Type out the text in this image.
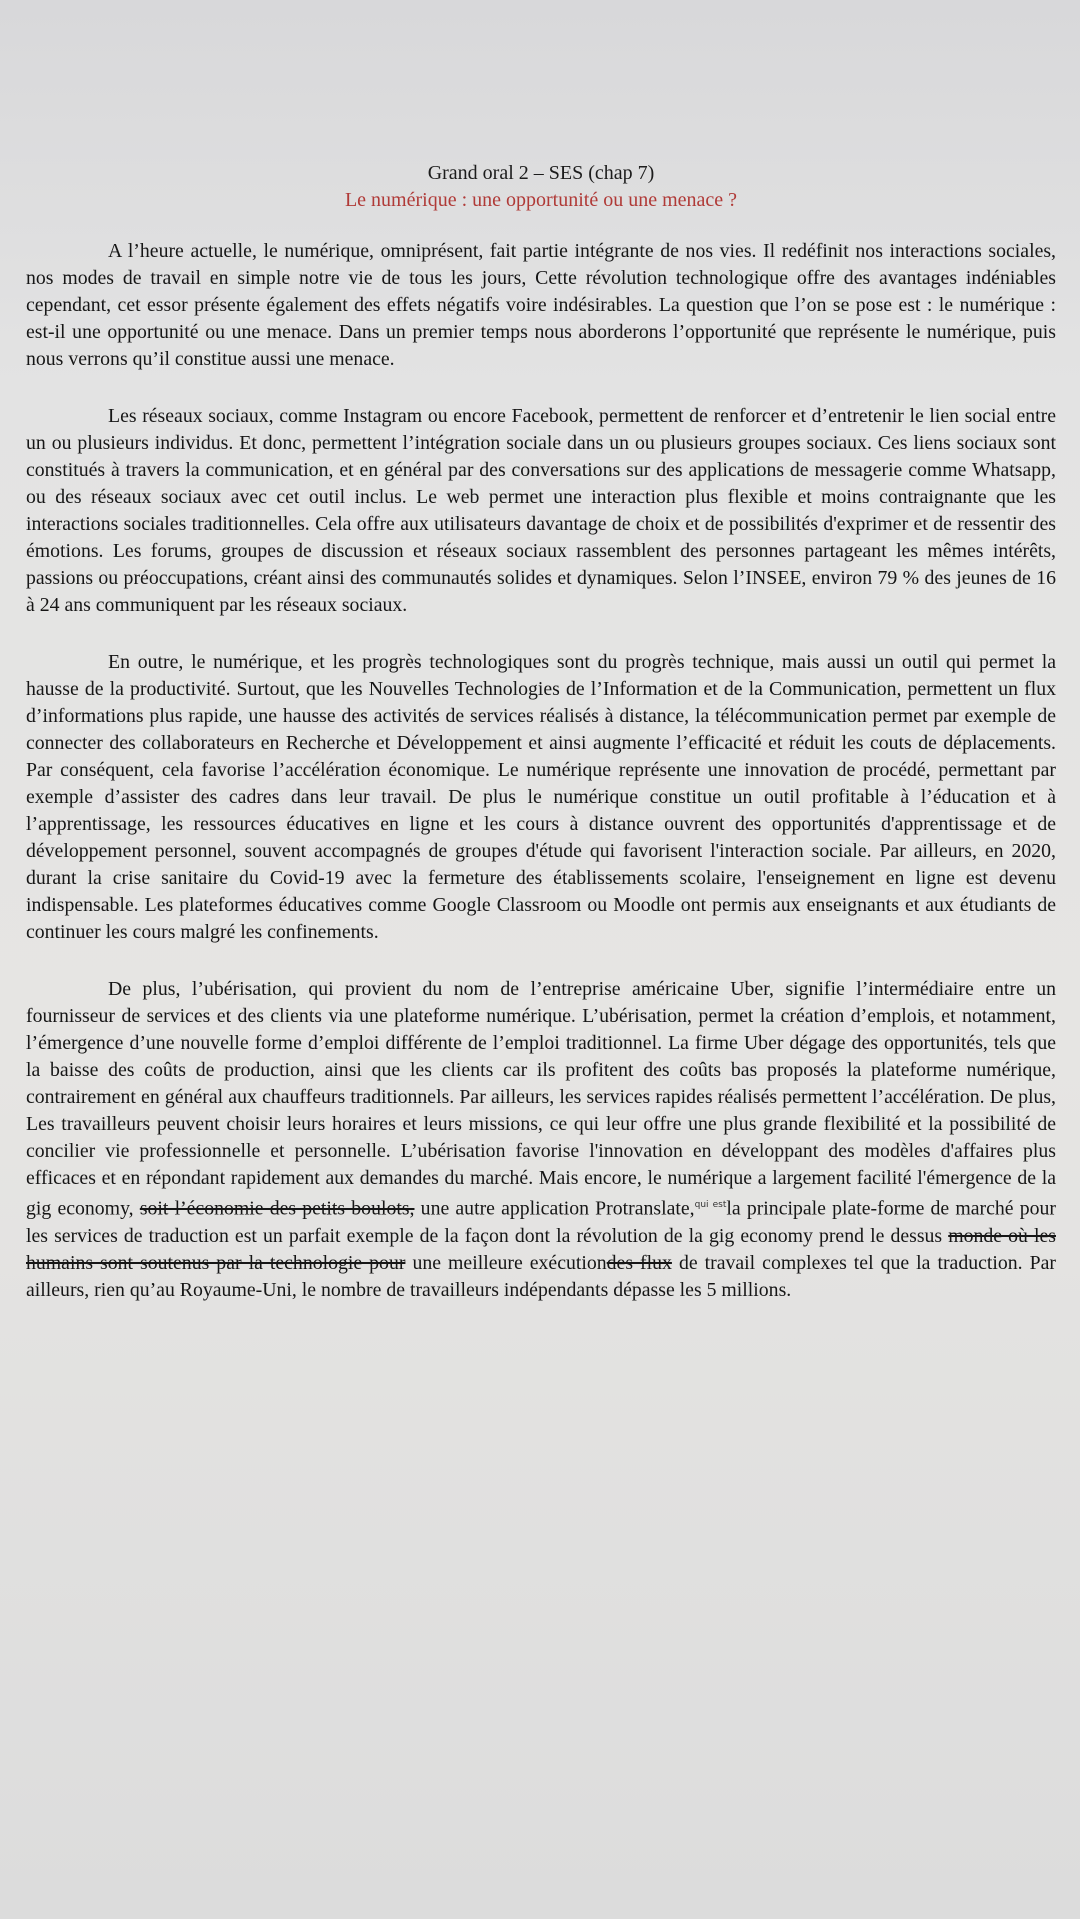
Grand oral 2 – SES (chap 7)
Le numérique : une opportunité ou une menace ?

A l’heure actuelle, le numérique, omniprésent, fait partie intégrante de nos vies. Il redéfinit nos interactions sociales, nos modes de travail en simple notre vie de tous les jours, Cette révolution technologique offre des avantages indéniables cependant, cet essor présente également des effets négatifs voire indésirables. La question que l’on se pose est : le numérique : est-il une opportunité ou une menace. Dans un premier temps nous aborderons l’opportunité que représente le numérique, puis nous verrons qu’il constitue aussi une menace.

Les réseaux sociaux, comme Instagram ou encore Facebook, permettent de renforcer et d’entretenir le lien social entre un ou plusieurs individus. Et donc, permettent l’intégration sociale dans un ou plusieurs groupes sociaux. Ces liens sociaux sont constitués à travers la communication, et en général par des conversations sur des applications de messagerie comme Whatsapp, ou des réseaux sociaux avec cet outil inclus. Le web permet une interaction plus flexible et moins contraignante que les interactions sociales traditionnelles. Cela offre aux utilisateurs davantage de choix et de possibilités d'exprimer et de ressentir des émotions. Les forums, groupes de discussion et réseaux sociaux rassemblent des personnes partageant les mêmes intérêts, passions ou préoccupations, créant ainsi des communautés solides et dynamiques. Selon l’INSEE, environ 79 % des jeunes de 16 à 24 ans communiquent par les réseaux sociaux.

En outre, le numérique, et les progrès technologiques sont du progrès technique, mais aussi un outil qui permet la hausse de la productivité. Surtout, que les Nouvelles Technologies de l’Information et de la Communication, permettent un flux d’informations plus rapide, une hausse des activités de services réalisés à distance, la télécommunication permet par exemple de connecter des collaborateurs en Recherche et Développement et ainsi augmente l’efficacité et réduit les couts de déplacements. Par conséquent, cela favorise l’accélération économique. Le numérique représente une innovation de procédé, permettant par exemple d’assister des cadres dans leur travail. De plus le numérique constitue un outil profitable à l’éducation et à l’apprentissage, les ressources éducatives en ligne et les cours à distance ouvrent des opportunités d'apprentissage et de développement personnel, souvent accompagnés de groupes d'étude qui favorisent l'interaction sociale. Par ailleurs, en 2020, durant la crise sanitaire du Covid-19 avec la fermeture des établissements scolaire, l'enseignement en ligne est devenu indispensable. Les plateformes éducatives comme Google Classroom ou Moodle ont permis aux enseignants et aux étudiants de continuer les cours malgré les confinements.

De plus, l’ubérisation, qui provient du nom de l’entreprise américaine Uber, signifie l’intermédiaire entre un fournisseur de services et des clients via une plateforme numérique. L’ubérisation, permet la création d’emplois, et notamment, l’émergence d’une nouvelle forme d’emploi différente de l’emploi traditionnel. La firme Uber dégage des opportunités, tels que la baisse des coûts de production, ainsi que les clients car ils profitent des coûts bas proposés la plateforme numérique, contrairement en général aux chauffeurs traditionnels. Par ailleurs, les services rapides réalisés permettent l’accélération. De plus, Les travailleurs peuvent choisir leurs horaires et leurs missions, ce qui leur offre une plus grande flexibilité et la possibilité de concilier vie professionnelle et personnelle. L’ubérisation favorise l'innovation en développant des modèles d'affaires plus efficaces et en répondant rapidement aux demandes du marché. Mais encore, le numérique a largement facilité l'émergence de la gig economy, soit l’économie des petits boulots, une autre application Protranslate,$^{qui est}$la principale plate-forme de marché pour les services de traduction est un parfait exemple de la façon dont la révolution de la gig economy prend le dessus monde où les humains sont soutenus par la technologie pour une meilleure exécutiondes flux de travail complexes tel que la traduction. Par ailleurs, rien qu’au Royaume-Uni, le nombre de travailleurs indépendants dépasse les 5 millions.
